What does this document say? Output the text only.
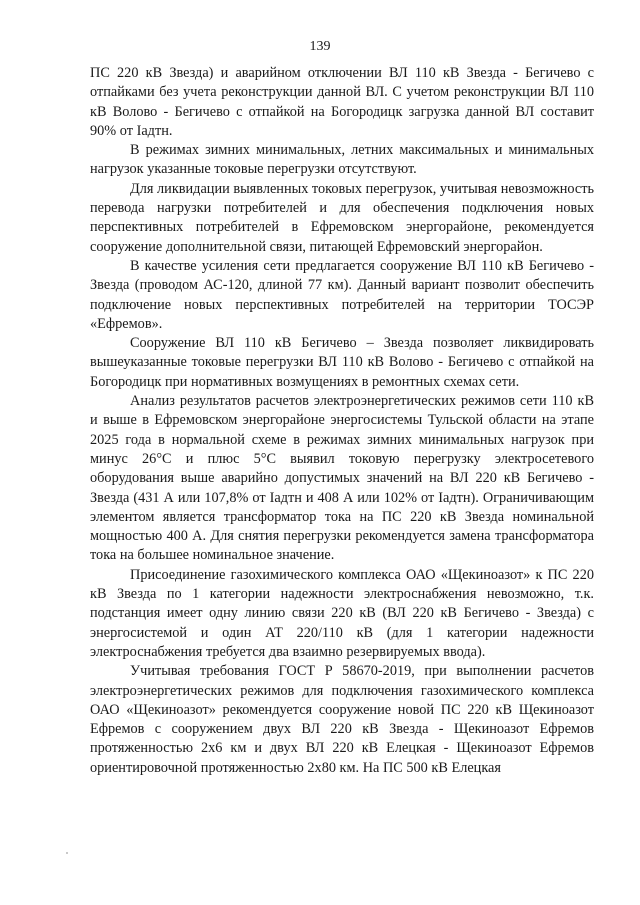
139

ПС 220 кВ Звезда) и аварийном отключении ВЛ 110 кВ Звезда - Бегичево с отпайками без учета реконструкции данной ВЛ. С учетом реконструкции ВЛ 110 кВ Волово - Бегичево с отпайкой на Богородицк загрузка данной ВЛ составит 90% от Iадтн.

В режимах зимних минимальных, летних максимальных и минимальных нагрузок указанные токовые перегрузки отсутствуют.

Для ликвидации выявленных токовых перегрузок, учитывая невозможность перевода нагрузки потребителей и для обеспечения подключения новых перспективных потребителей в Ефремовском энергорайоне, рекомендуется сооружение дополнительной связи, питающей Ефремовский энергорайон.

В качестве усиления сети предлагается сооружение ВЛ 110 кВ Бегичево - Звезда (проводом АС-120, длиной 77 км). Данный вариант позволит обеспечить подключение новых перспективных потребителей на территории ТОСЭР «Ефремов».

Сооружение ВЛ 110 кВ Бегичево – Звезда позволяет ликвидировать вышеуказанные токовые перегрузки ВЛ 110 кВ Волово - Бегичево с отпайкой на Богородицк при нормативных возмущениях в ремонтных схемах сети.

Анализ результатов расчетов электроэнергетических режимов сети 110 кВ и выше в Ефремовском энергорайоне энергосистемы Тульской области на этапе 2025 года в нормальной схеме в режимах зимних минимальных нагрузок при минус 26°С и плюс 5°С выявил токовую перегрузку электросетевого оборудования выше аварийно допустимых значений на ВЛ 220 кВ Бегичево - Звезда (431 А или 107,8% от Iадтн и 408 А или 102% от Iадтн). Ограничивающим элементом является трансформатор тока на ПС 220 кВ Звезда номинальной мощностью 400 А. Для снятия перегрузки рекомендуется замена трансформатора тока на большее номинальное значение.

Присоединение газохимического комплекса ОАО «Щекиноазот» к ПС 220 кВ Звезда по 1 категории надежности электроснабжения невозможно, т.к. подстанция имеет одну линию связи 220 кВ (ВЛ 220 кВ Бегичево - Звезда) с энергосистемой и один АТ 220/110 кВ (для 1 категории надежности электроснабжения требуется два взаимно резервируемых ввода).

Учитывая требования ГОСТ Р 58670-2019, при выполнении расчетов электроэнергетических режимов для подключения газохимического комплекса ОАО «Щекиноазот» рекомендуется сооружение новой ПС 220 кВ Щекиноазот Ефремов с сооружением двух ВЛ 220 кВ Звезда - Щекиноазот Ефремов протяженностью 2х6 км и двух ВЛ 220 кВ Елецкая - Щекиноазот Ефремов ориентировочной протяженностью 2х80 км. На ПС 500 кВ Елецкая
